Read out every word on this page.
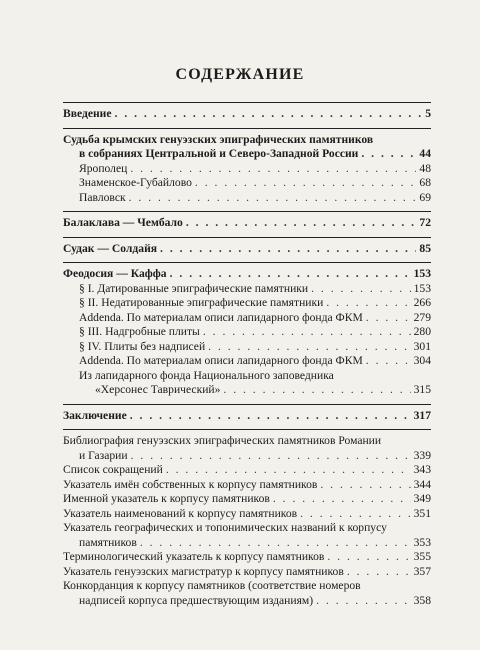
СОДЕРЖАНИЕ
Введение . . .	5
Судьба крымских генуэзских эпиграфических памятников
в собраниях Центральной и Северо-Западной России . . .	44
Ярополец . . .	48
Знаменское-Губайлово . . .	68
Павловск . . .	69
Балаклава — Чембало . . .	72
Судак — Солдайя . . .	85
Феодосия — Каффа . . .	153
§ I. Датированные эпиграфические памятники . . .	153
§ II. Недатированные эпиграфические памятники . . .	266
Addenda. По материалам описи лапидарного фонда ФКМ . . .	279
§ III. Надгробные плиты . . .	280
§ IV. Плиты без надписей . . .	301
Addenda. По материалам описи лапидарного фонда ФКМ . . .	304
Из лапидарного фонда Национального заповедника
«Херсонес Таврический» . . .	315
Заключение . . .	317
Библиография генуэзских эпиграфических памятников Романии
и Газарии . . .	339
Список сокращений . . .	343
Указатель имён собственных к корпусу памятников . . .	344
Именной указатель к корпусу памятников . . .	349
Указатель наименований к корпусу памятников . . .	351
Указатель географических и топонимических названий к корпусу
памятников . . .	353
Терминологический указатель к корпусу памятников . . .	355
Указатель генуэзских магистратур к корпусу памятников . . .	357
Конкорданция к корпусу памятников (соответствие номеров
надписей корпуса предшествующим изданиям) . . .	358
